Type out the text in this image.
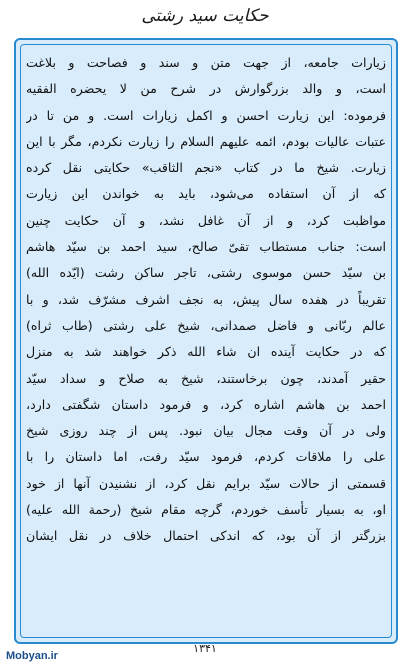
حکایت سید رشتی
زیارات جامعه، از جهت متن و سند و فصاحت و بلاغت
است، و والد بزرگوارش در شرح من لا يحضره الفقيه
فرموده: این زیارت احسن و اکمل زیارات است. و من تا در
عتبات عالیات بودم، ائمه علیهم السلام را زیارت نکردم، مگر با این
زیارت. شیخ ما در کتاب «نجم الثاقب» حکایتی نقل کرده
که از آن استفاده می‌شود، باید به خواندن این زیارت
مواظبت کرد، و از آن غافل نشد، و آن حکایت چنین
است: جناب مستطاب تقیّ صالح، سید احمد بن سیّد هاشم
بن سیّد حسن موسوی رشتی، تاجر ساکن رشت (ایّده الله)
تقریباً در هفده سال پیش، به نجف اشرف مشرّف شد، و با
عالم ربّانی و فاضل صمدانی، شیخ علی رشتی (طاب ثراه)
که در حکایت آینده ان شاء الله ذکر خواهند شد به منزل
حقیر آمدند، چون برخاستند، شیخ به صلاح و سداد سیّد
احمد بن هاشم اشاره کرد، و فرمود داستان شگفتی دارد،
ولی در آن وقت مجال بیان نبود. پس از چند روزی شیخ
علی را ملاقات کردم، فرمود سیّد رفت، اما داستان را با
قسمتی از حالات سیّد برایم نقل کرد، از نشنیدن آنها از خود
او، به بسیار تأسف خوردم، گرچه مقام شیخ (رحمة الله علیه)
بزرگتر از آن بود، که اندکی احتمال خلاف در نقل ایشان
۱۳۴۱
Mobyan.ir
